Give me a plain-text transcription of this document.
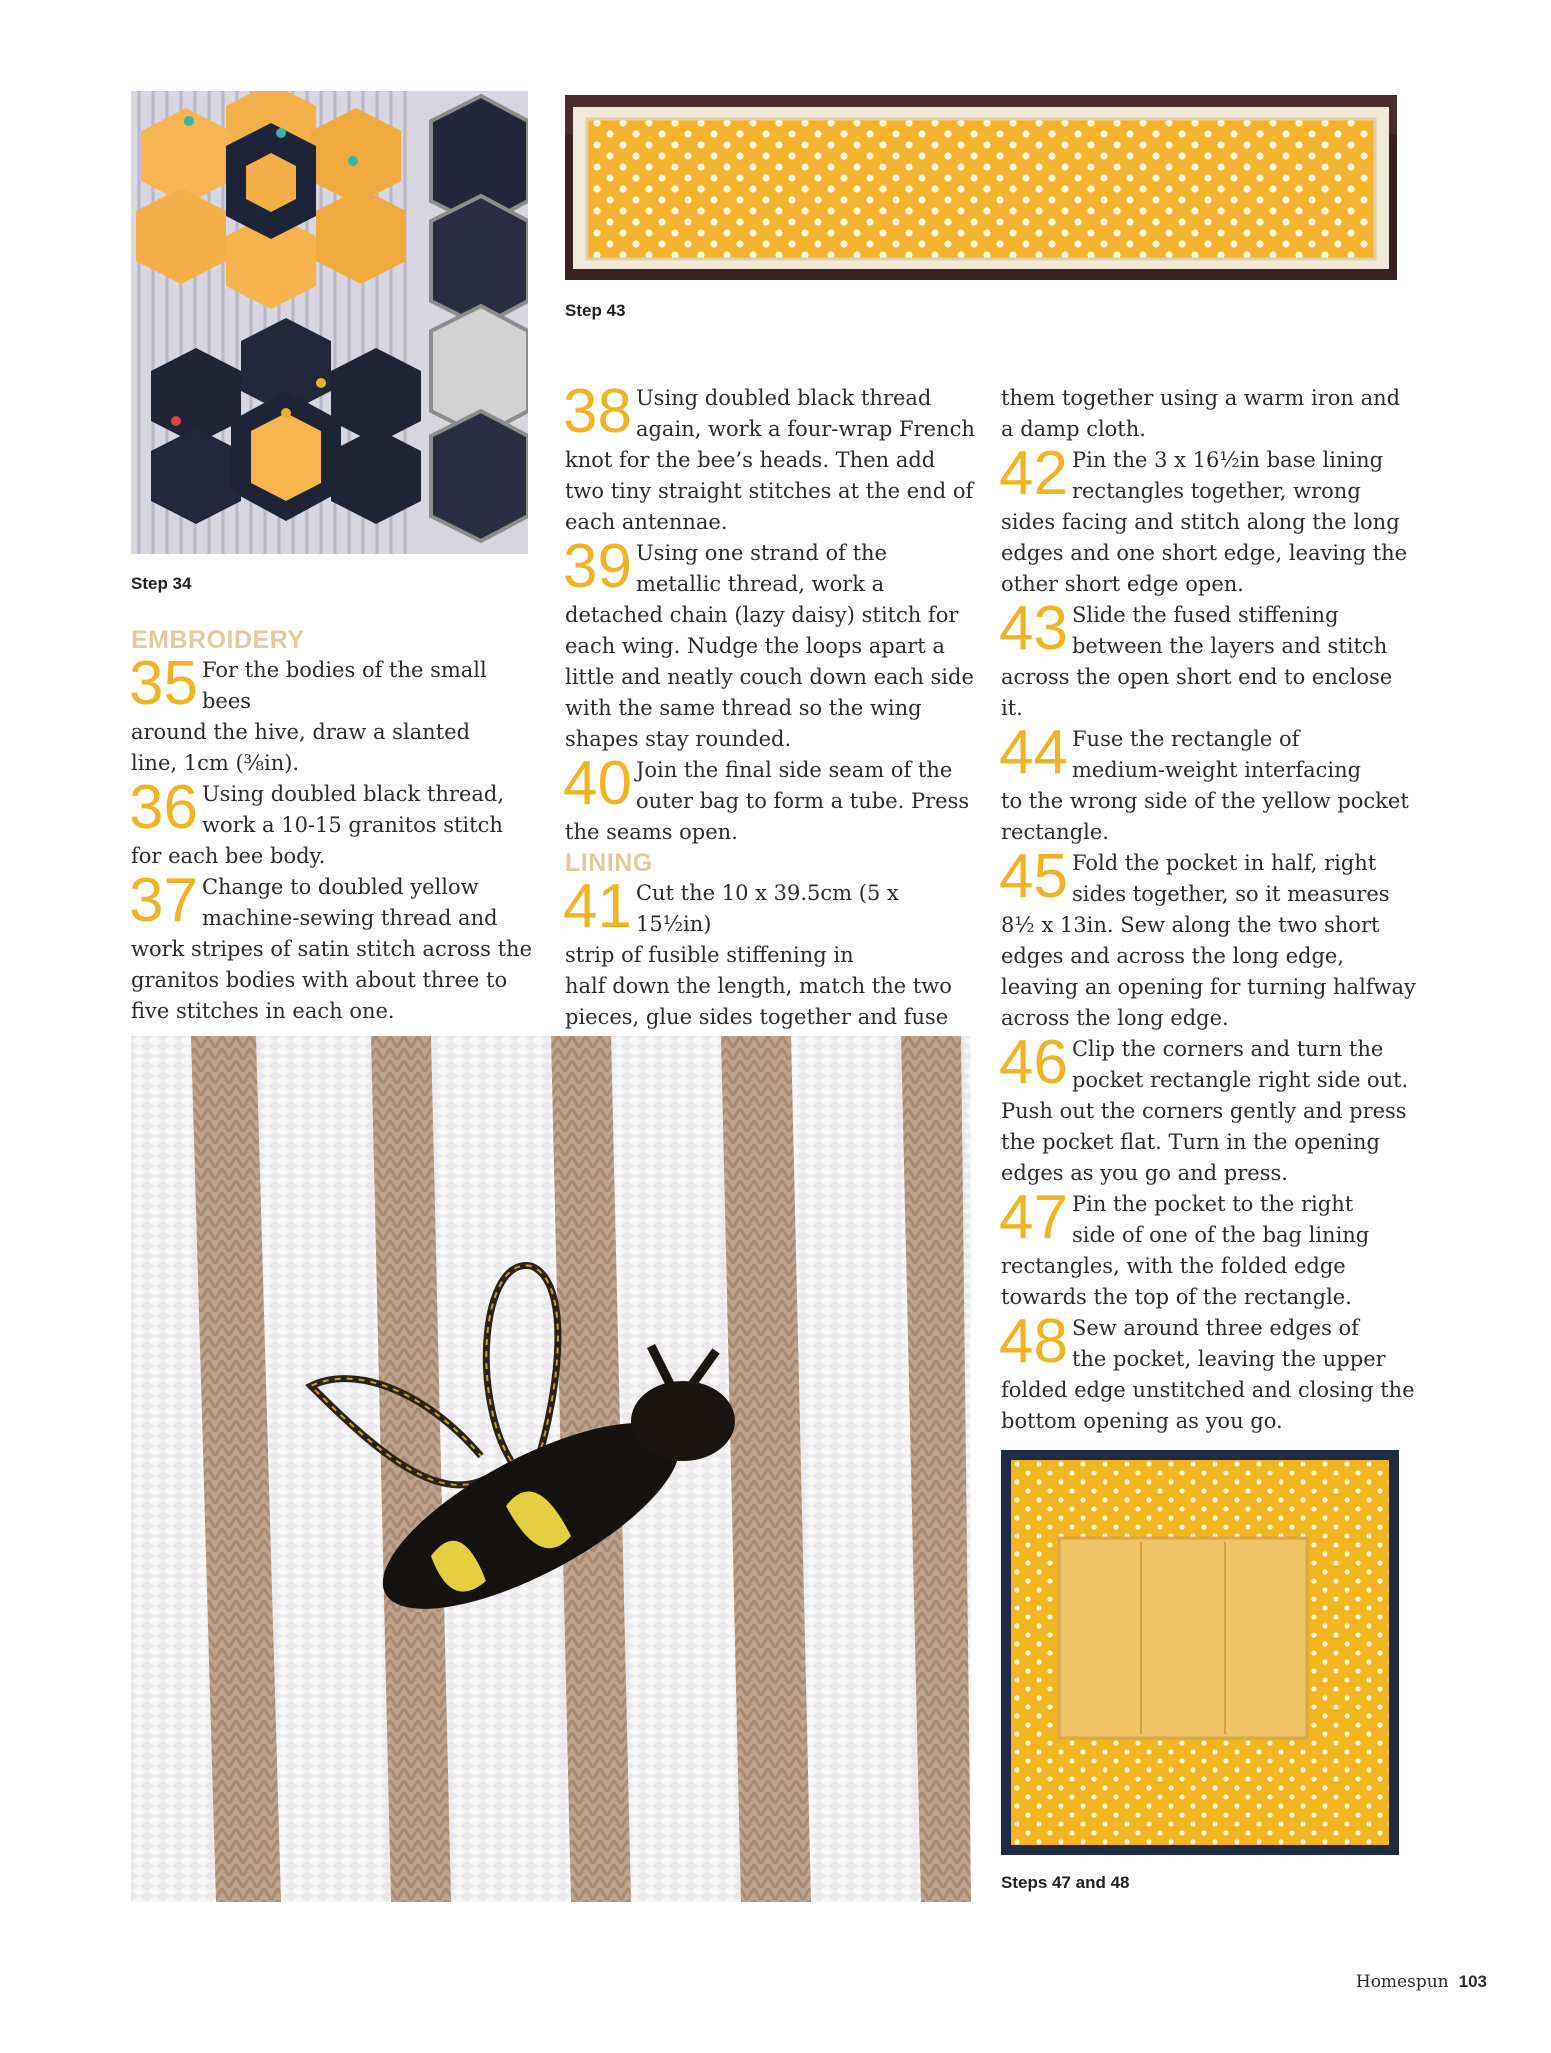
Step 34
Step 43
EMBROIDERY
35 For the bodies of the small bees
around the hive, draw a slanted
line, 1cm (⅜in).
36 Using doubled black thread,
work a 10-15 granitos stitch
for each bee body.
37 Change to doubled yellow
machine-sewing thread and
work stripes of satin stitch across the granitos bodies with about three to five stitches in each one.
38 Using doubled black thread
again, work a four-wrap French
knot for the bee’s heads. Then add two tiny straight stitches at the end of each antennae.
39 Using one strand of the
metallic thread, work a
detached chain (lazy daisy) stitch for each wing. Nudge the loops apart a little and neatly couch down each side with the same thread so the wing shapes stay rounded.
40 Join the final side seam of the
outer bag to form a tube. Press
the seams open.
LINING
41 Cut the 10 x 39.5cm (5 x 15½in)
strip of fusible stiffening in
half down the length, match the two pieces, glue sides together and fuse
them together using a warm iron and a damp cloth.
42 Pin the 3 x 16½in base lining
rectangles together, wrong
sides facing and stitch along the long edges and one short edge, leaving the other short edge open.
43 Slide the fused stiffening
between the layers and stitch
across the open short end to enclose it.
44 Fuse the rectangle of
medium-weight interfacing
to the wrong side of the yellow pocket rectangle.
45 Fold the pocket in half, right
sides together, so it measures
8½ x 13in. Sew along the two short edges and across the long edge, leaving an opening for turning halfway across the long edge.
46 Clip the corners and turn the
pocket rectangle right side out.
Push out the corners gently and press the pocket flat. Turn in the opening edges as you go and press.
47 Pin the pocket to the right
side of one of the bag lining
rectangles, with the folded edge towards the top of the rectangle.
48 Sew around three edges of
the pocket, leaving the upper
folded edge unstitched and closing the bottom opening as you go.
Steps 47 and 48
Homespun 103
